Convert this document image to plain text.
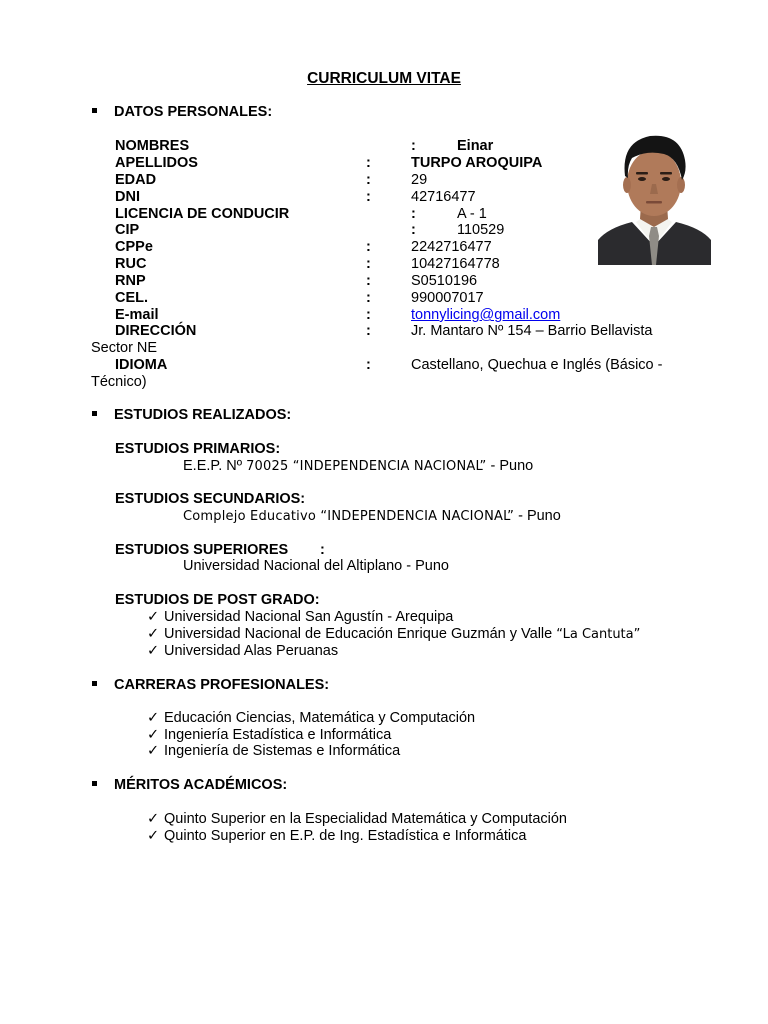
CURRICULUM VITAE
DATOS PERSONALES:
NOMBRES	:	Einar
APELLIDOS	:	TURPO AROQUIPA
EDAD	:	29
DNI	:	42716477
LICENCIA DE CONDUCIR	:	A - 1
CIP	:	110529
CPPe	:	2242716477
RUC	:	10427164778
RNP	:	S0510196
CEL.	:	990007017
E-mail	:	tonnylicing@gmail.com
DIRECCIÓN	:	Jr. Mantaro Nº 154 – Barrio Bellavista
Sector NE
IDIOMA	:	Castellano, Quechua e Inglés (Básico -
Técnico)
ESTUDIOS REALIZADOS:
ESTUDIOS PRIMARIOS:
E.E.P. Nº 70025 “INDEPENDENCIA NACIONAL” - Puno
ESTUDIOS SECUNDARIOS:
Complejo Educativo “INDEPENDENCIA NACIONAL” - Puno
ESTUDIOS SUPERIORES :
Universidad Nacional del Altiplano - Puno
ESTUDIOS DE POST GRADO:
✓ Universidad Nacional San Agustín - Arequipa
✓ Universidad Nacional de Educación Enrique Guzmán y Valle “La Cantuta”
✓ Universidad Alas Peruanas
CARRERAS PROFESIONALES:
✓ Educación Ciencias, Matemática y Computación
✓ Ingeniería Estadística e Informática
✓ Ingeniería de Sistemas e Informática
MÉRITOS ACADÉMICOS:
✓ Quinto Superior en la Especialidad Matemática y Computación
✓ Quinto Superior en E.P. de Ing. Estadística e Informática
